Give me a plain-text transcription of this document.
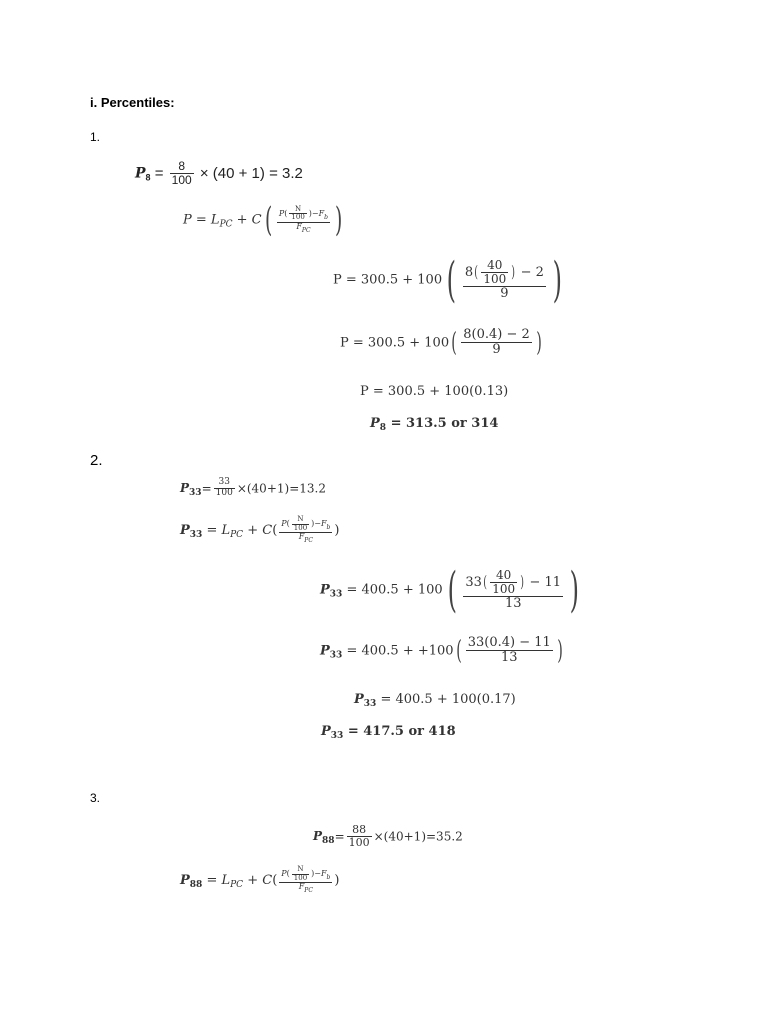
i. Percentiles:
1.
$P_8 = \frac{8}{100} \times (40 + 1) = 3.2$
$P = L_{PC} + C( \frac{P( \frac{N}{100} )-F_b}{F_{PC}}$ )
$P = 300.5 + 100( \frac{8( \frac{40}{100} ) - 2}{9}$ )
$P = 300.5 + 100( \frac{8(0.4) - 2}{9}$ )
P = 300.5 + 100(0.13)
$P_8 = 313.5$ or 314
2.
$P_{33}= \frac{33}{100} \times(40+1)=13.2$
$P_{33} = L_{PC} + C( \frac{P( \frac{N}{100} )-F_b}{F_{PC}}$ )
$P_{33} = 400.5 + 100( \frac{33( \frac{40}{100} ) - 11}{13}$ )
$P_{33} = 400.5 + +100( \frac{33(0.4) - 11}{13}$ )
$P_{33} = 400.5 + 100(0.17)$
$P_{33} = 417.5$ or 418
3.
$P_{88}= \frac{88}{100} \times(40+1)=35.2$
$P_{88} = L_{PC} + C( \frac{P( \frac{N}{100} )-F_b}{F_{PC}}$ )
